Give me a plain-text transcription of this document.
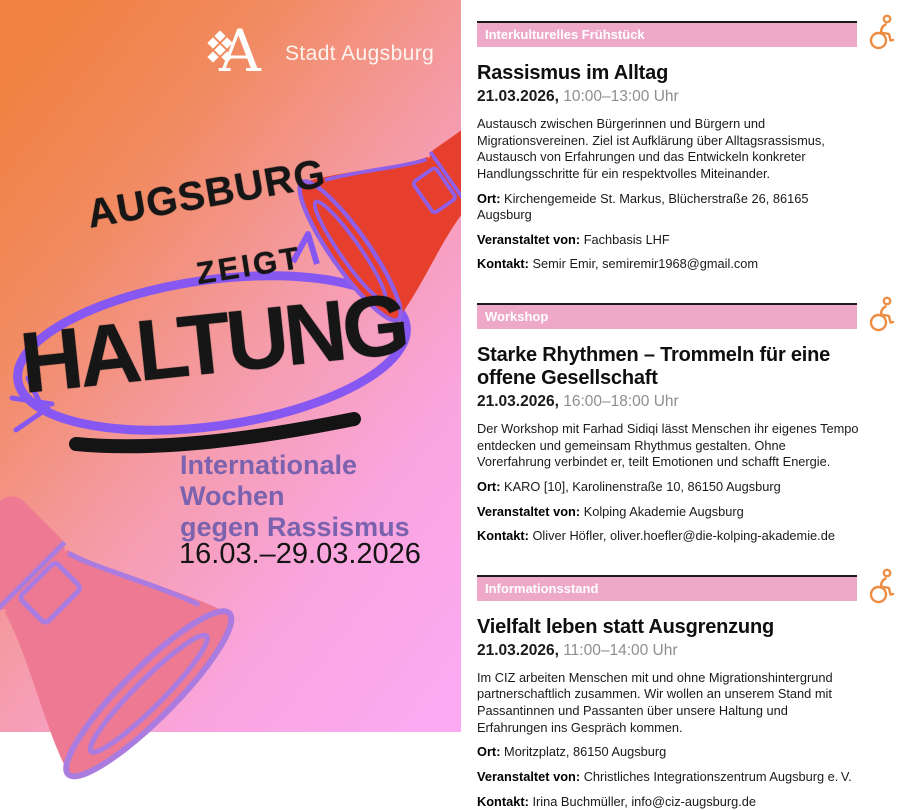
A Stadt Augsburg
AUGSBURG
ZEIGT
HALTUNG
Internationale
Wochen
gegen Rassismus
16.03.–29.03.2026
Interkulturelles Frühstück
Rassismus im Alltag
21.03.2026, 10:00–13:00 Uhr
Austausch zwischen Bürgerinnen und Bürgern und Migrationsvereinen. Ziel ist Aufklärung über Alltagsrassismus, Austausch von Erfahrungen und das Entwickeln konkreter Handlungsschritte für ein respektvolles Miteinander.
Ort: Kirchengemeide St. Markus, Blücherstraße 26, 86165 Augsburg
Veranstaltet von: Fachbasis LHF
Kontakt: Semir Emir, semiremir1968@gmail.com
Workshop
Starke Rhythmen – Trommeln für eine offene Gesellschaft
21.03.2026, 16:00–18:00 Uhr
Der Workshop mit Farhad Sidiqi lässt Menschen ihr eigenes Tempo entdecken und gemeinsam Rhythmus gestalten. Ohne Vorerfahrung verbindet er, teilt Emotionen und schafft Energie.
Ort: KARO [10], Karolinenstraße 10, 86150 Augsburg
Veranstaltet von: Kolping Akademie Augsburg
Kontakt: Oliver Höfler, oliver.hoefler@die-kolping-akademie.de
Informationsstand
Vielfalt leben statt Ausgrenzung
21.03.2026, 11:00–14:00 Uhr
Im CIZ arbeiten Menschen mit und ohne Migrationshintergrund partnerschaftlich zusammen. Wir wollen an unserem Stand mit Passantinnen und Passanten über unsere Haltung und Erfahrungen ins Gespräch kommen.
Ort: Moritzplatz, 86150 Augsburg
Veranstaltet von: Christliches Integrationszentrum Augsburg e. V.
Kontakt: Irina Buchmüller, info@ciz-augsburg.de
